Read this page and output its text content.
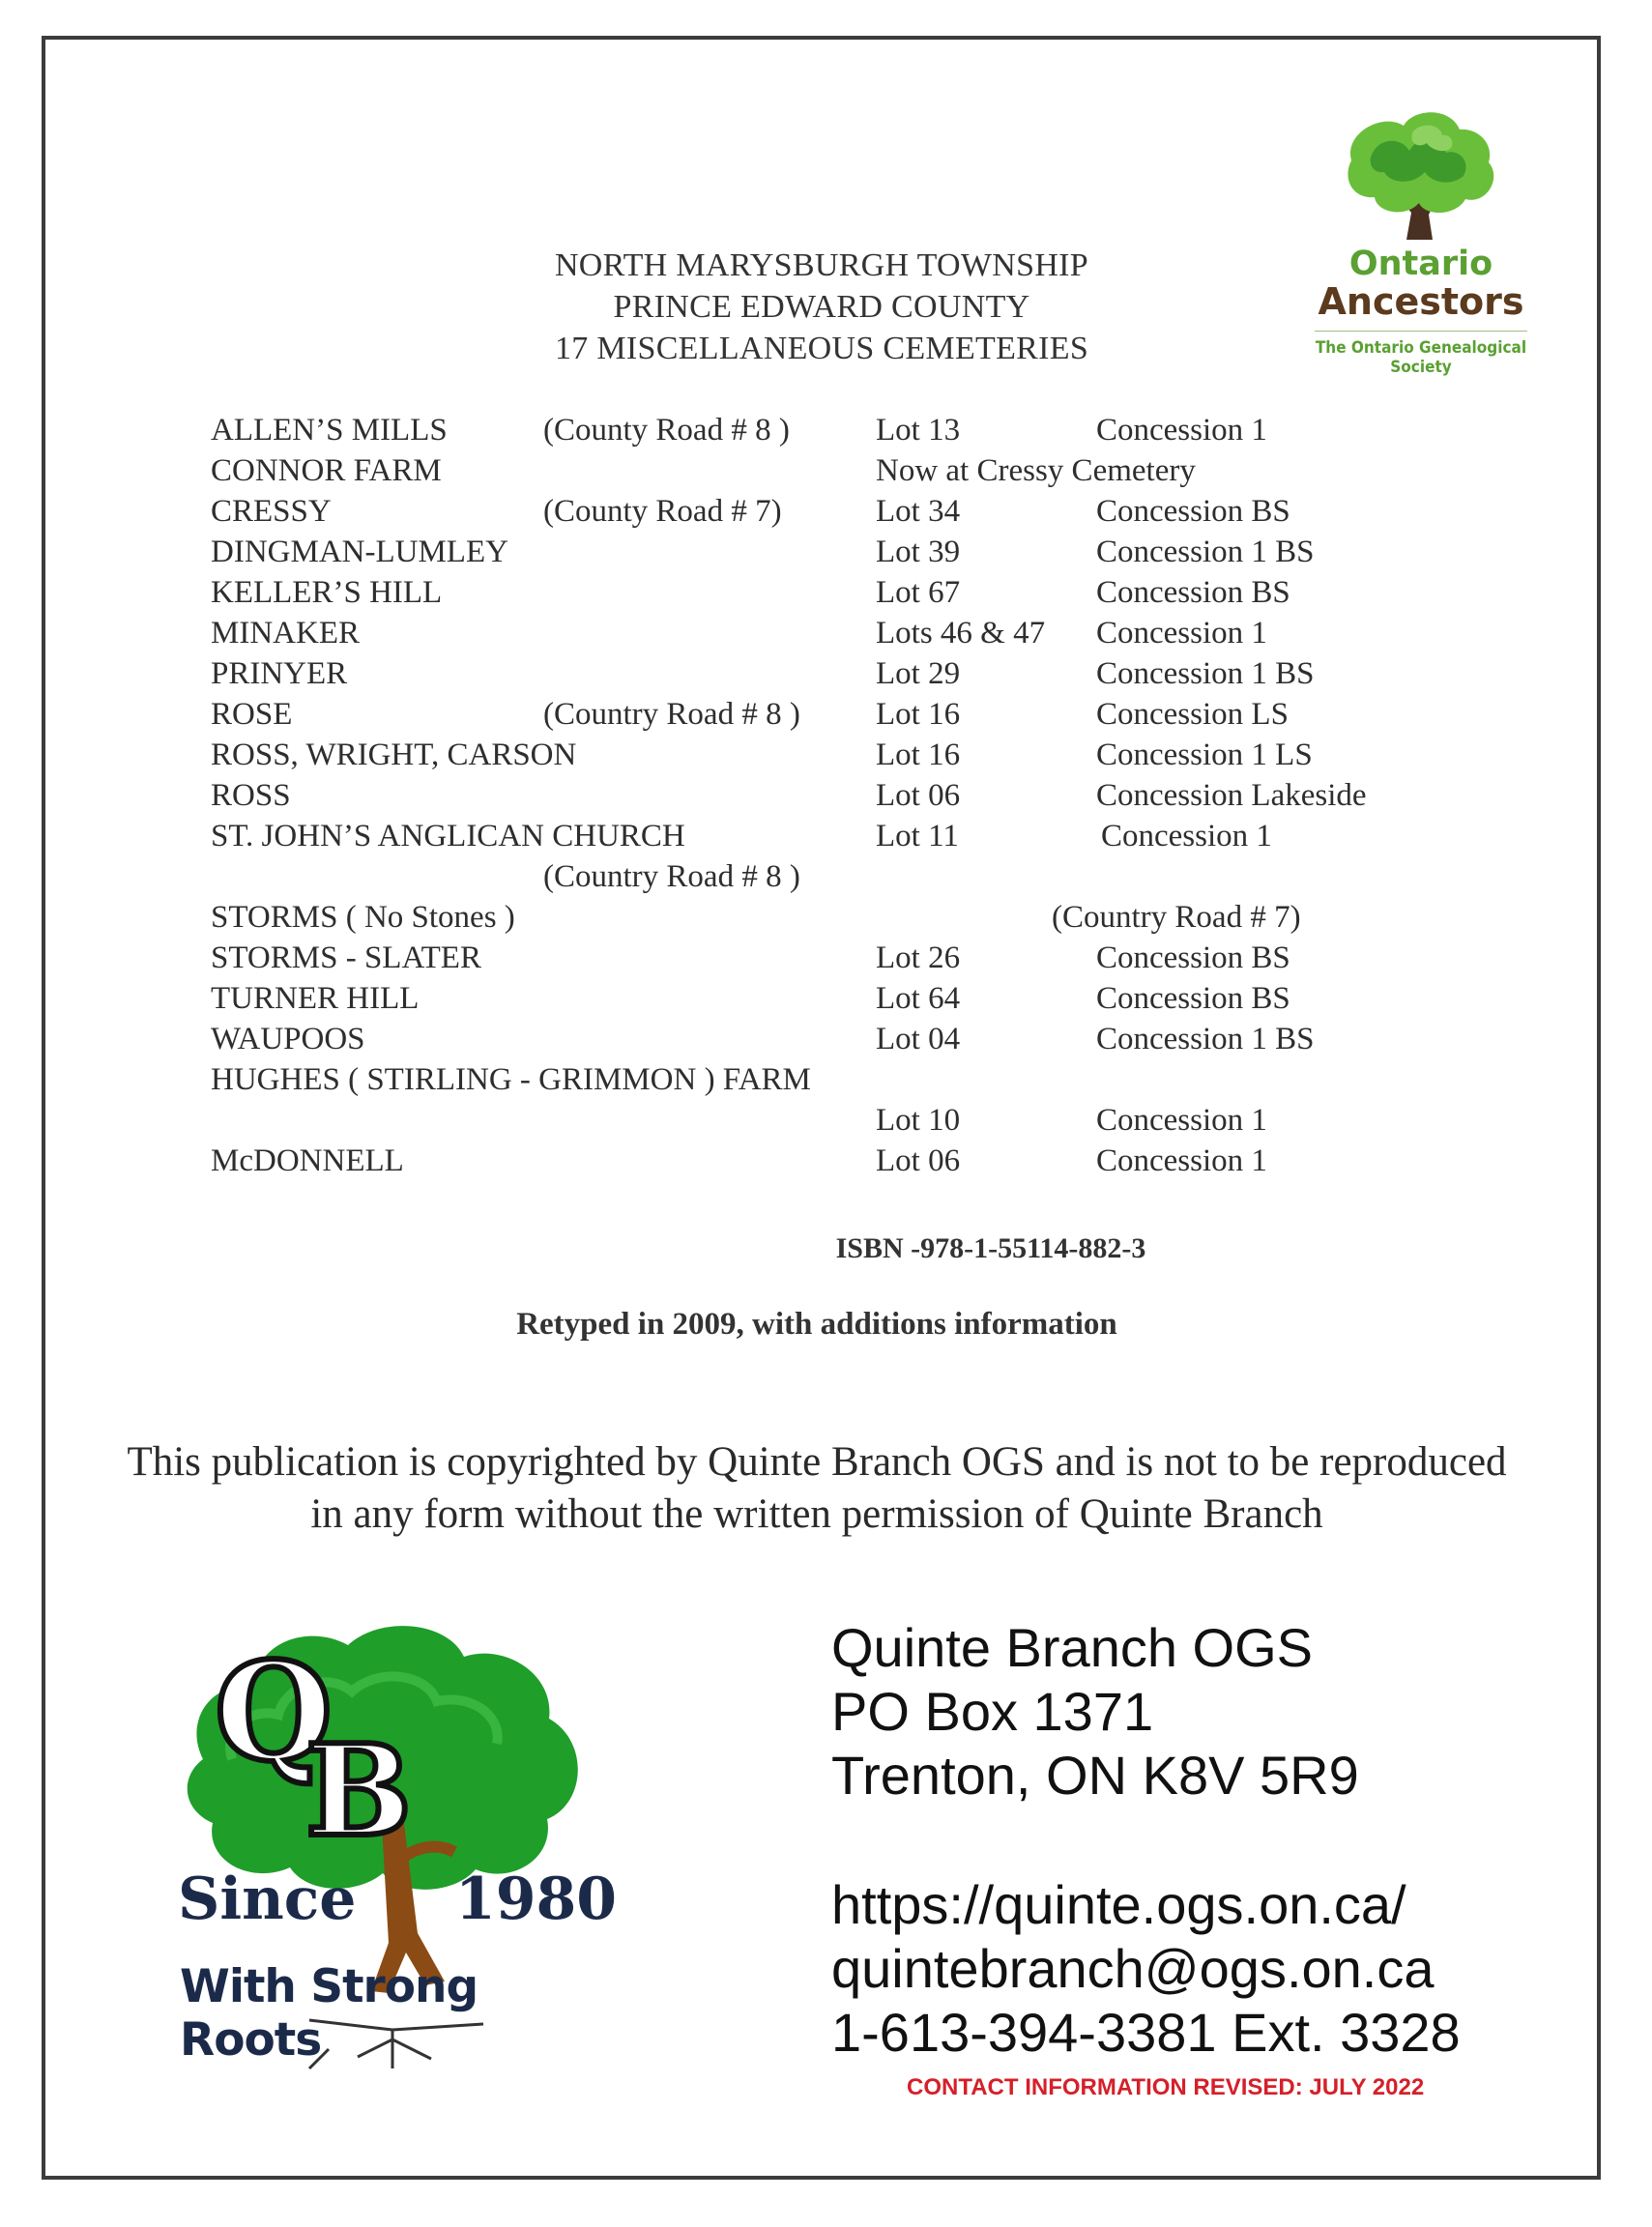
NORTH MARYSBURGH TOWNSHIP
PRINCE EDWARD COUNTY
17 MISCELLANEOUS CEMETERIES
Ontario
Ancestors
The Ontario Genealogical Society
ALLEN’S MILLS	(County Road # 8 )	Lot 13	Concession 1
CONNOR FARM	Now at Cressy Cemetery
CRESSY	(County Road # 7)	Lot 34	Concession BS
DINGMAN-LUMLEY	Lot 39	Concession 1 BS
KELLER’S HILL	Lot 67	Concession BS
MINAKER	Lots 46 & 47 Concession 1
PRINYER	Lot 29	Concession 1 BS
ROSE	(Country Road # 8 ) Lot 16	Concession LS
ROSS, WRIGHT, CARSON	Lot 16	Concession 1 LS
ROSS	Lot 06	Concession Lakeside
ST. JOHN’S ANGLICAN CHURCH	Lot 11	Concession 1
(Country Road # 8 )
STORMS ( No Stones )	(Country Road # 7)
STORMS - SLATER	Lot 26	Concession BS
TURNER HILL	Lot 64	Concession BS
WAUPOOS	Lot 04	Concession 1 BS
HUGHES ( STIRLING - GRIMMON ) FARM
Lot 10	Concession 1
McDONNELL	Lot 06	Concession 1
ISBN -978-1-55114-882-3
Retyped in 2009, with additions information
This publication is copyrighted by Quinte Branch OGS and is not to be reproduced
in any form without the written permission of Quinte Branch
Q
B
Since 1980
With Strong Roots
Quinte Branch OGS
PO Box 1371
Trenton, ON K8V 5R9
https://quinte.ogs.on.ca/
quintebranch@ogs.on.ca
1-613-394-3381 Ext. 3328
CONTACT INFORMATION REVISED: JULY 2022
